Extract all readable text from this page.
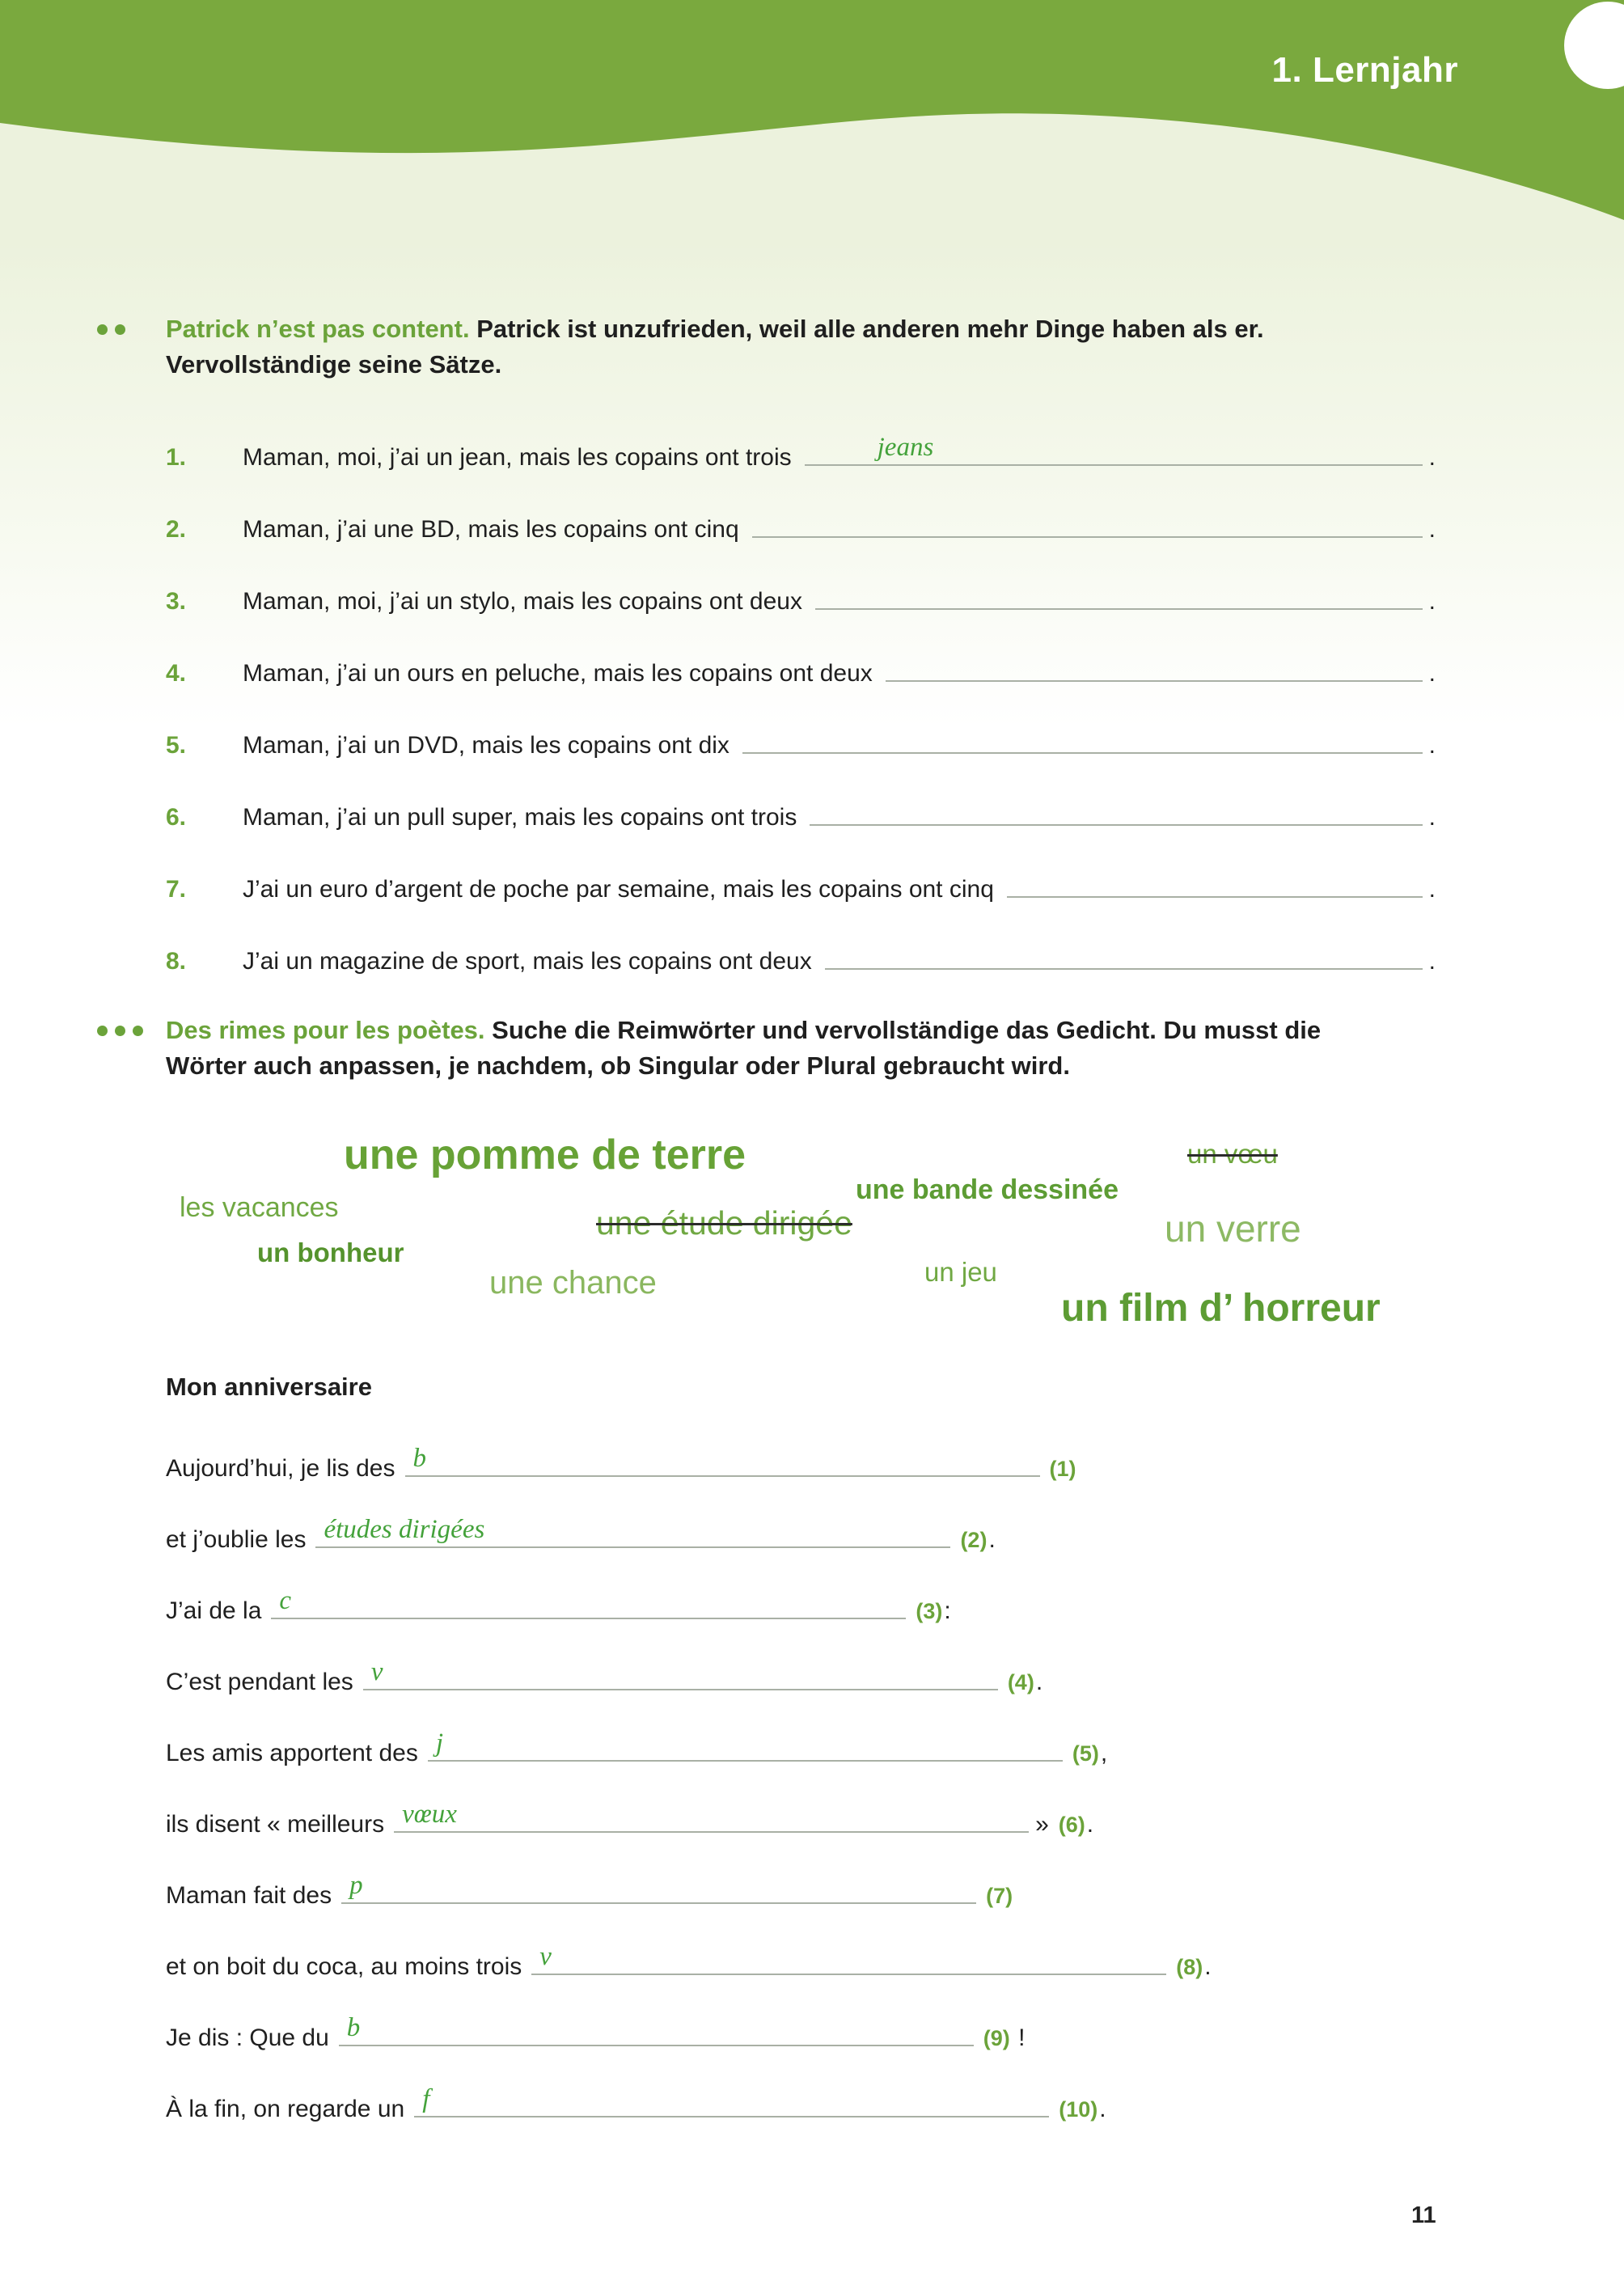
1. Lernjahr
Patrick n’est pas content. Patrick ist unzufrieden, weil alle anderen mehr Dinge haben als er. Vervollständige seine Sätze.
1.	Maman, moi, j’ai un jean, mais les copains ont trois	jeans	.
2.	Maman, j’ai une BD, mais les copains ont cinq	.
3.	Maman, moi, j’ai un stylo, mais les copains ont deux	.
4.	Maman, j’ai un ours en peluche, mais les copains ont deux	.
5.	Maman, j’ai un DVD, mais les copains ont dix	.
6.	Maman, j’ai un pull super, mais les copains ont trois	.
7.	J’ai un euro d’argent de poche par semaine, mais les copains ont cinq	.
8.	J’ai un magazine de sport, mais les copains ont deux	.
Des rimes pour les poètes. Suche die Reimwörter und vervollständige das Gedicht. Du musst die Wörter auch anpassen, je nachdem, ob Singular oder Plural gebraucht wird.
une pomme de terre
les vacances
une bande dessinée
un vœu
un bonheur
une étude dirigée	un verre
une chance	un jeu
un film d’ horreur
Mon anniversaire
Aujourd’hui, je lis des b	(1)
et j’oublie les études dirigées	(2) .
J’ai de la c	(3) :
C’est pendant les v	(4) .
Les amis apportent des j	(5) ,
ils disent « meilleurs vœux	» (6) .
Maman fait des p	(7)
et on boit du coca, au moins trois v	(8) .
Je dis : Que du b	(9) !
À la fin, on regarde un f	(10) .
11
